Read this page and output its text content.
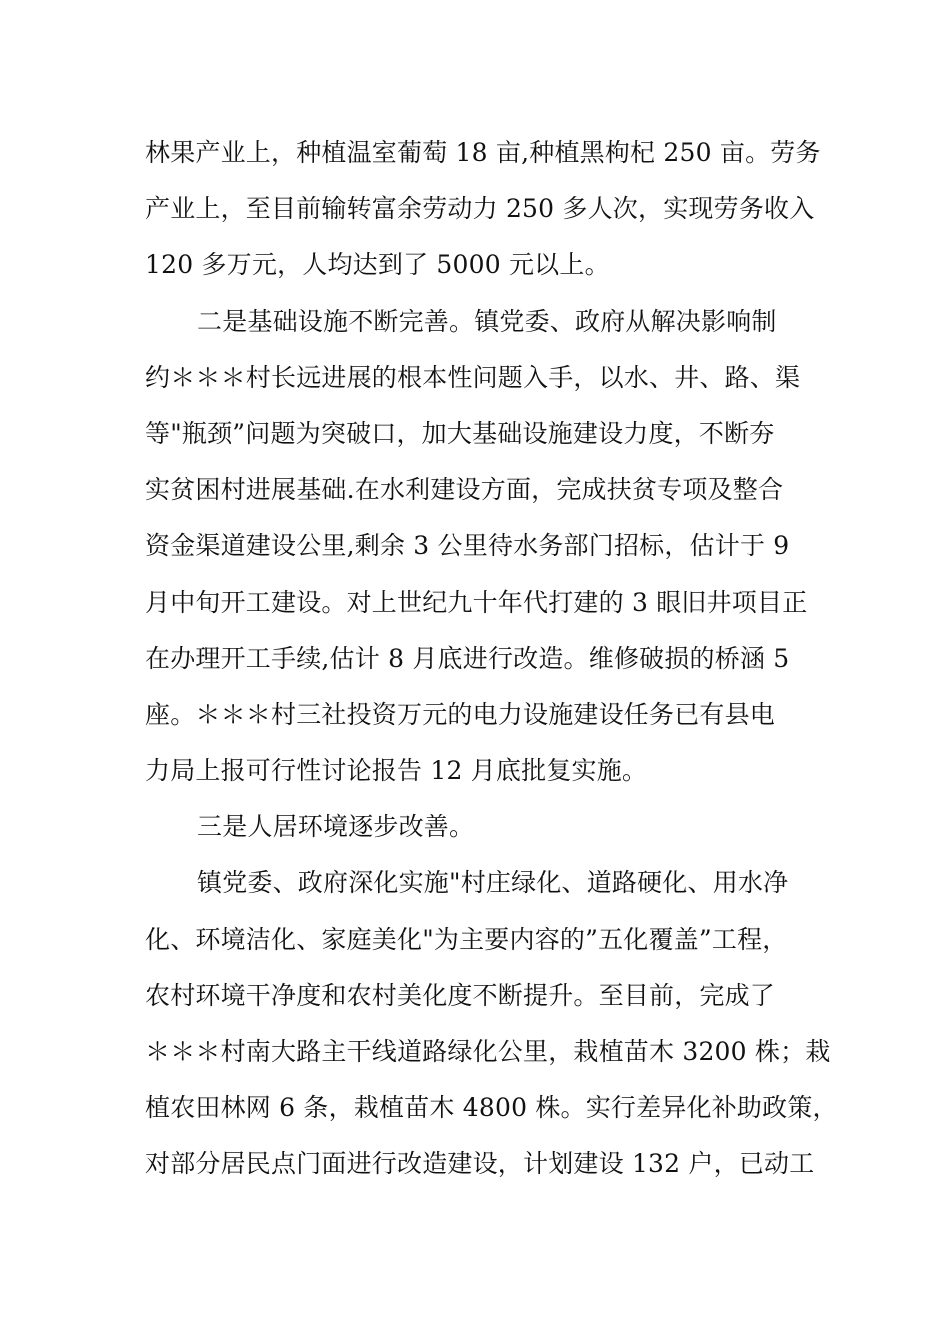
林果产业上，种植温室葡萄 18 亩,种植黑枸杞 250 亩。劳务
产业上，至目前输转富余劳动力 250 多人次，实现劳务收入
120 多万元，人均达到了 5000 元以上。
二是基础设施不断完善。镇党委、政府从解决影响制
约＊＊＊村长远进展的根本性问题入手，以水、井、路、渠
等"瓶颈”问题为突破口，加大基础设施建设力度，不断夯
实贫困村进展基础.在水利建设方面，完成扶贫专项及整合
资金渠道建设公里,剩余 3 公里待水务部门招标，估计于 9
月中旬开工建设。对上世纪九十年代打建的 3 眼旧井项目正
在办理开工手续,估计 8 月底进行改造。维修破损的桥涵 5
座。＊＊＊村三社投资万元的电力设施建设任务已有县电
力局上报可行性讨论报告 12 月底批复实施。
三是人居环境逐步改善。
镇党委、政府深化实施"村庄绿化、道路硬化、用水净
化、环境洁化、家庭美化"为主要内容的”五化覆盖”工程，
农村环境干净度和农村美化度不断提升。至目前，完成了
＊＊＊村南大路主干线道路绿化公里，栽植苗木 3200 株；栽
植农田林网 6 条，栽植苗木 4800 株。实行差异化补助政策，
对部分居民点门面进行改造建设，计划建设 132 户，已动工
